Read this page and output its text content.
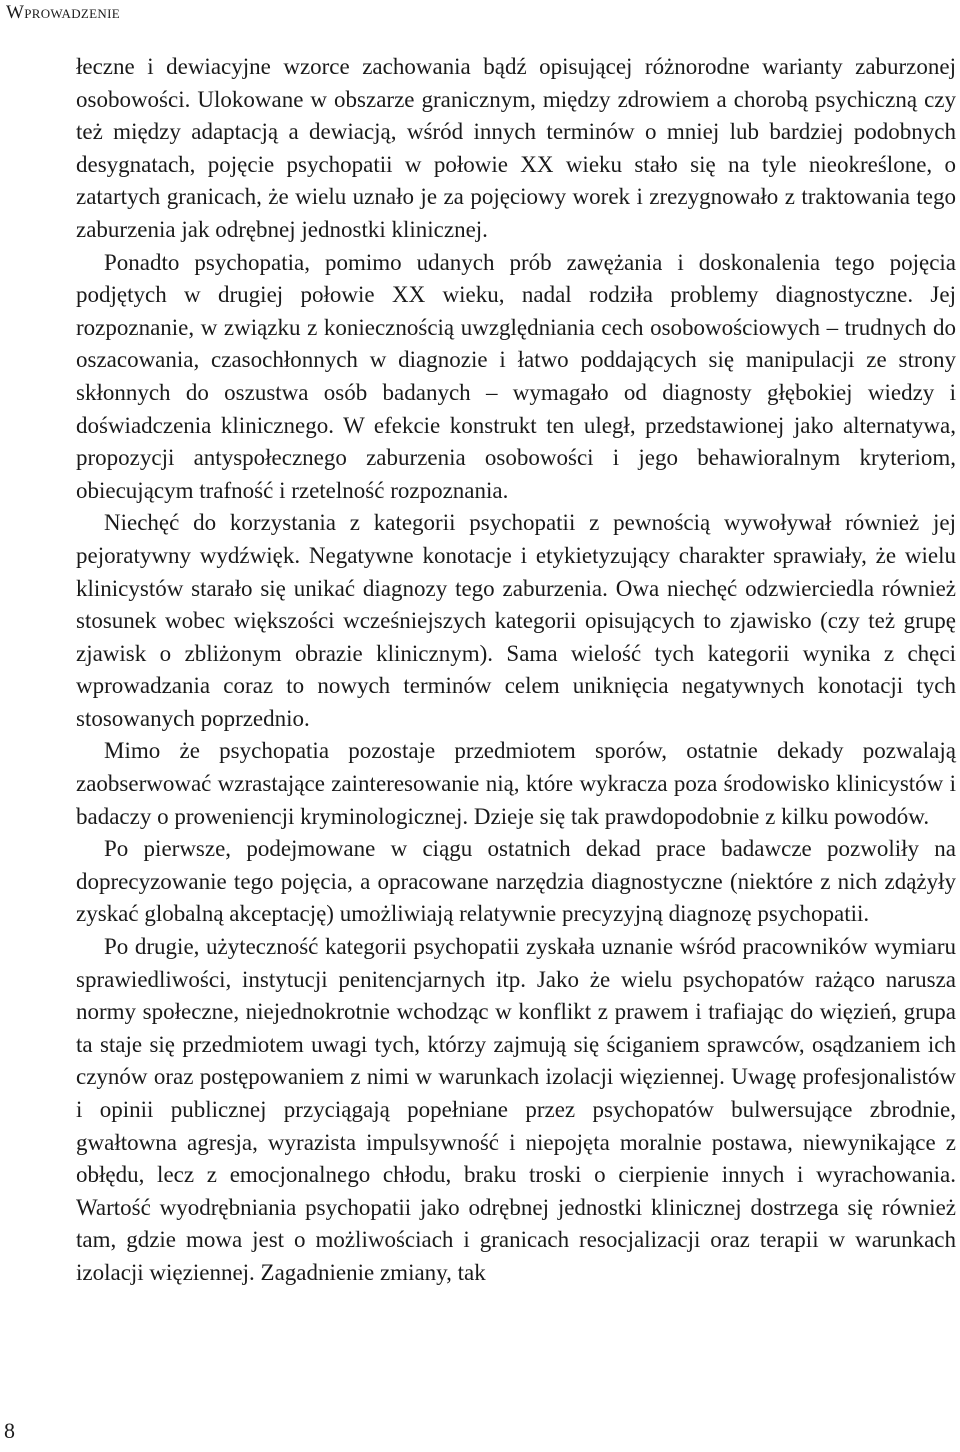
Wprowadzenie

łeczne i dewiacyjne wzorce zachowania bądź opisującej różnorodne warianty zaburzonej osobowości. Ulokowane w obszarze granicznym, między zdrowiem a chorobą psychiczną czy też między adaptacją a dewiacją, wśród innych terminów o mniej lub bardziej podobnych desygnatach, pojęcie psychopatii w połowie XX wieku stało się na tyle nieokreślone, o zatartych granicach, że wielu uznało je za pojęciowy worek i zrezygnowało z traktowania tego zaburzenia jak odrębnej jednostki klinicznej.

Ponadto psychopatia, pomimo udanych prób zawężania i doskonalenia tego pojęcia podjętych w drugiej połowie XX wieku, nadal rodziła problemy diagnostyczne. Jej rozpoznanie, w związku z koniecznością uwzględniania cech osobowościowych – trudnych do oszacowania, czasochłonnych w diagnozie i łatwo poddających się manipulacji ze strony skłonnych do oszustwa osób badanych – wymagało od diagnosty głębokiej wiedzy i doświadczenia klinicznego. W efekcie konstrukt ten uległ, przedstawionej jako alternatywa, propozycji antyspołecznego zaburzenia osobowości i jego behawioralnym kryteriom, obiecującym trafność i rzetelność rozpoznania.

Niechęć do korzystania z kategorii psychopatii z pewnością wywoływał również jej pejoratywny wydźwięk. Negatywne konotacje i etykietyzujący charakter sprawiały, że wielu klinicystów starało się unikać diagnozy tego zaburzenia. Owa niechęć odzwierciedla również stosunek wobec większości wcześniejszych kategorii opisujących to zjawisko (czy też grupę zjawisk o zbliżonym obrazie klinicznym). Sama wielość tych kategorii wynika z chęci wprowadzania coraz to nowych terminów celem uniknięcia negatywnych konotacji tych stosowanych poprzednio.

Mimo że psychopatia pozostaje przedmiotem sporów, ostatnie dekady pozwalają zaobserwować wzrastające zainteresowanie nią, które wykracza poza środowisko klinicystów i badaczy o proweniencji kryminologicznej. Dzieje się tak prawdopodobnie z kilku powodów.

Po pierwsze, podejmowane w ciągu ostatnich dekad prace badawcze pozwoliły na doprecyzowanie tego pojęcia, a opracowane narzędzia diagnostyczne (niektóre z nich zdążyły zyskać globalną akceptację) umożliwiają relatywnie precyzyjną diagnozę psychopatii.

Po drugie, użyteczność kategorii psychopatii zyskała uznanie wśród pracowników wymiaru sprawiedliwości, instytucji penitencjarnych itp. Jako że wielu psychopatów rażąco narusza normy społeczne, niejednokrotnie wchodząc w konflikt z prawem i trafiając do więzień, grupa ta staje się przedmiotem uwagi tych, którzy zajmują się ściganiem sprawców, osądzaniem ich czynów oraz postępowaniem z nimi w warunkach izolacji więziennej. Uwagę profesjonalistów i opinii publicznej przyciągają popełniane przez psychopatów bulwersujące zbrodnie, gwałtowna agresja, wyrazista impulsywność i niepojęta moralnie postawa, niewynikające z obłędu, lecz z emocjonalnego chłodu, braku troski o cierpienie innych i wyrachowania. Wartość wyodrębniania psychopatii jako odrębnej jednostki klinicznej dostrzega się również tam, gdzie mowa jest o możliwościach i granicach resocjalizacji oraz terapii w warunkach izolacji więziennej. Zagadnienie zmiany, tak

8
